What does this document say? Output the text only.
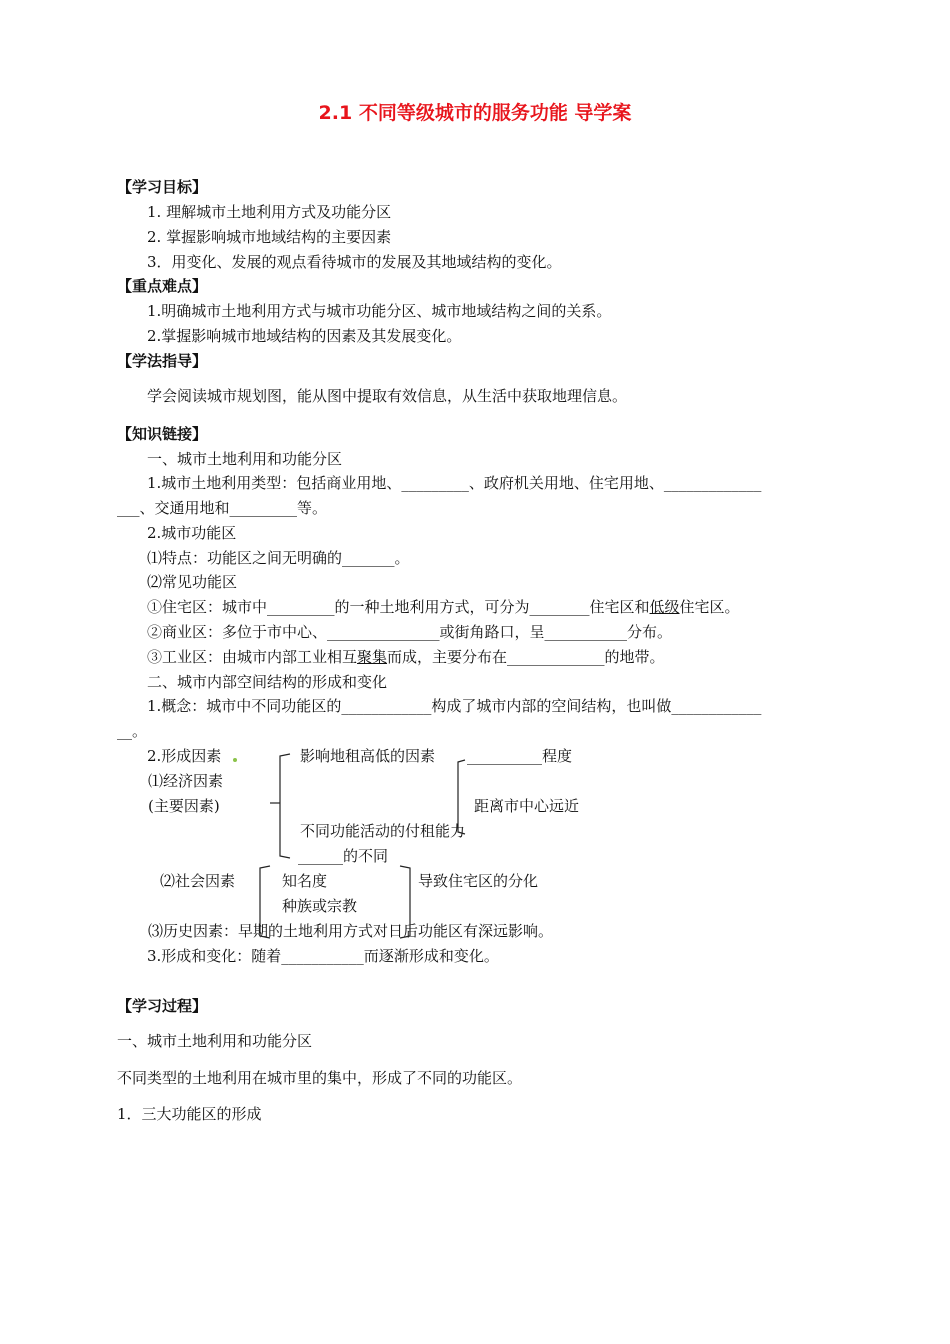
2.1 不同等级城市的服务功能 导学案
【学习目标】
1. 理解城市土地利用方式及功能分区
2. 掌握影响城市地域结构的主要因素
3．用变化、发展的观点看待城市的发展及其地域结构的变化。
【重点难点】
1.明确城市土地利用方式与城市功能分区、城市地域结构之间的关系。
2.掌握影响城市地域结构的因素及其发展变化。
【学法指导】
学会阅读城市规划图，能从图中提取有效信息，从生活中获取地理信息。
【知识链接】
一、城市土地利用和功能分区
1.城市土地利用类型：包括商业用地、_________、政府机关用地、住宅用地、_____________
___、交通用地和_________等。
2.城市功能区
⑴特点：功能区之间无明确的_______。
⑵常见功能区
①住宅区：城市中_________的一种土地利用方式，可分为________住宅区和低级住宅区。
②商业区：多位于市中心、_______________或街角路口，呈___________分布。
③工业区：由城市内部工业相互聚集而成，主要分布在_____________的地带。
二、城市内部空间结构的形成和变化
1.概念：城市中不同功能区的____________构成了城市内部的空间结构，也叫做____________
__。
2.形成因素	影响地租高低的因素 __________程度
⑴经济因素
(主要因素)	距离市中心远近
不同功能活动的付租能力
______的不同
⑵社会因素	知名度	导致住宅区的分化
种族或宗教
⑶历史因素：早期的土地利用方式对日后功能区有深远影响。
3.形成和变化：随着___________而逐渐形成和变化。
【学习过程】
一、城市土地利用和功能分区
不同类型的土地利用在城市里的集中，形成了不同的功能区。
1．三大功能区的形成
